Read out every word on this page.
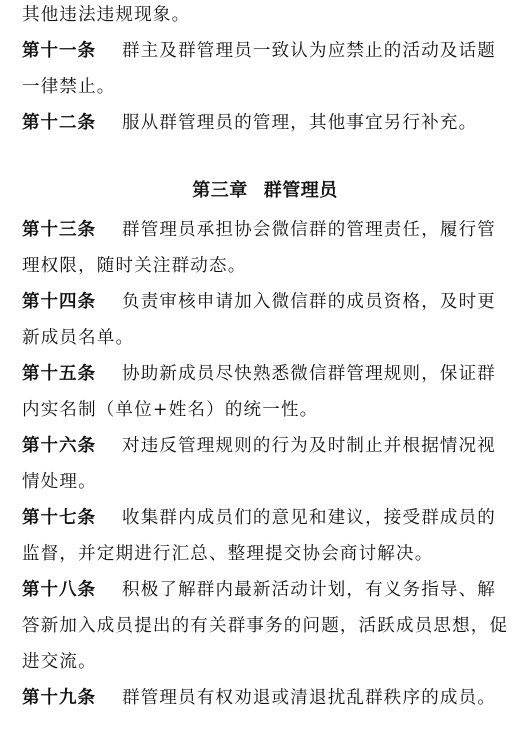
其他违法违规现象。
第十一条 群主及群管理员一致认为应禁止的活动及话题
一律禁止。
第十二条 服从群管理员的管理，其他事宜另行补充。
第三章 群管理员
第十三条 群管理员承担协会微信群的管理责任，履行管
理权限，随时关注群动态。
第十四条 负责审核申请加入微信群的成员资格，及时更
新成员名单。
第十五条 协助新成员尽快熟悉微信群管理规则，保证群
内实名制（单位+姓名）的统一性。
第十六条 对违反管理规则的行为及时制止并根据情况视
情处理。
第十七条 收集群内成员们的意见和建议，接受群成员的
监督，并定期进行汇总、整理提交协会商讨解决。
第十八条 积极了解群内最新活动计划，有义务指导、解
答新加入成员提出的有关群事务的问题，活跃成员思想，促
进交流。
第十九条 群管理员有权劝退或清退扰乱群秩序的成员。
